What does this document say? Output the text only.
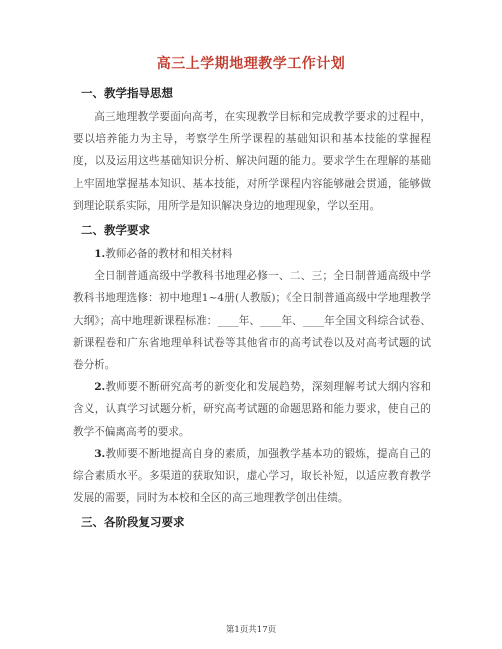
高三上学期地理教学工作计划
一、教学指导思想

高三地理教学要面向高考，在实现教学目标和完成教学要求的过程中，要以培养能力为主导，考察学生所学课程的基础知识和基本技能的掌握程度，以及运用这些基础知识分析、解决问题的能力。要求学生在理解的基础上牢固地掌握基本知识、基本技能，对所学课程内容能够融会贯通，能够做到理论联系实际，用所学是知识解决身边的地理现象，学以至用。

二、教学要求

1.教师必备的教材和相关材料

全日制普通高级中学教科书地理必修一、二、三；全日制普通高级中学教科书地理选修：初中地理1~4册(人教版)；《全日制普通高级中学地理教学大纲》；高中地理新课程标准：____年、____年、____年全国文科综合试卷、新课程卷和广东省地理单科试卷等其他省市的高考试卷以及对高考试题的试卷分析。

2.教师要不断研究高考的新变化和发展趋势，深刻理解考试大纲内容和含义，认真学习试题分析，研究高考试题的命题思路和能力要求，使自己的教学不偏离高考的要求。

3.教师要不断地提高自身的素质，加强教学基本功的锻炼，提高自己的综合素质水平。多渠道的获取知识，虚心学习，取长补短，以适应教育教学发展的需要，同时为本校和全区的高三地理教学创出佳绩。

三、各阶段复习要求
第1页共17页
